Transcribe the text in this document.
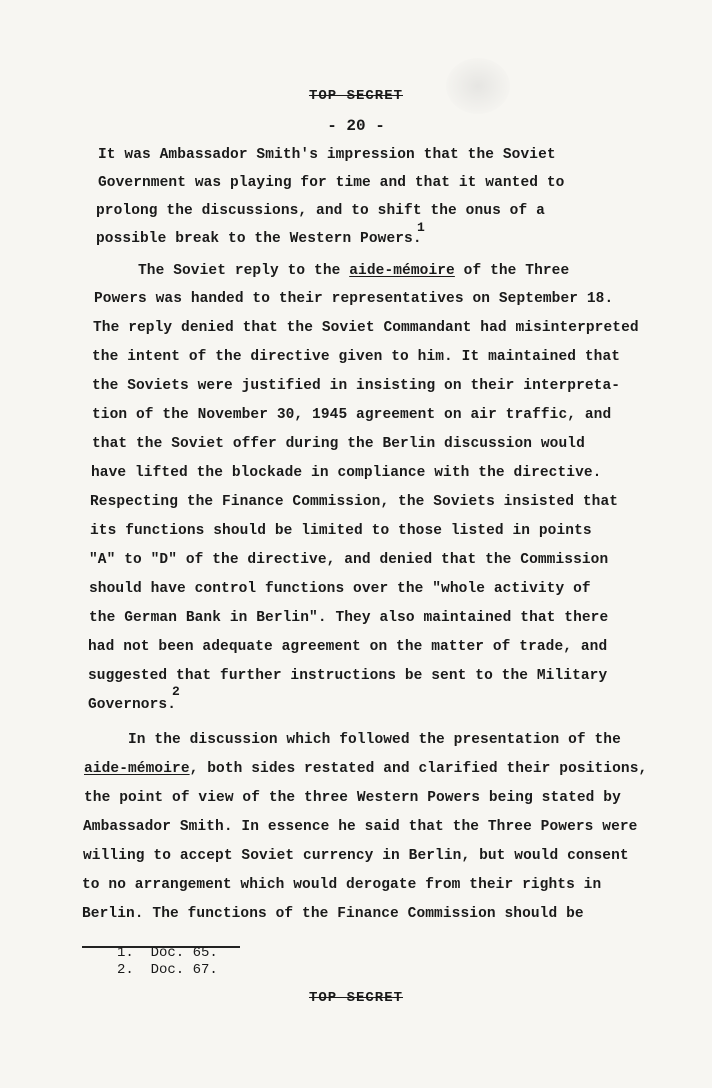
TOP SECRET
- 20 -
It was Ambassador Smith's impression that the Soviet
Government was playing for time and that it wanted to
prolong the discussions, and to shift the onus of a
possible break to the Western Powers.
1
The Soviet reply to the aide-mémoire of the Three
Powers was handed to their representatives on September 18.
The reply denied that the Soviet Commandant had misinterpreted
the intent of the directive given to him. It maintained that
the Soviets were justified in insisting on their interpreta-
tion of the November 30, 1945 agreement on air traffic, and
that the Soviet offer during the Berlin discussion would
have lifted the blockade in compliance with the directive.
Respecting the Finance Commission, the Soviets insisted that
its functions should be limited to those listed in points
"A" to "D" of the directive, and denied that the Commission
should have control functions over the "whole activity of
the German Bank in Berlin". They also maintained that there
had not been adequate agreement on the matter of trade, and
suggested that further instructions be sent to the Military
Governors.
2
In the discussion which followed the presentation of the
aide-mémoire, both sides restated and clarified their positions,
the point of view of the three Western Powers being stated by
Ambassador Smith. In essence he said that the Three Powers were
willing to accept Soviet currency in Berlin, but would consent
to no arrangement which would derogate from their rights in
Berlin. The functions of the Finance Commission should be
1.  Doc. 65.
2.  Doc. 67.
TOP SECRET
